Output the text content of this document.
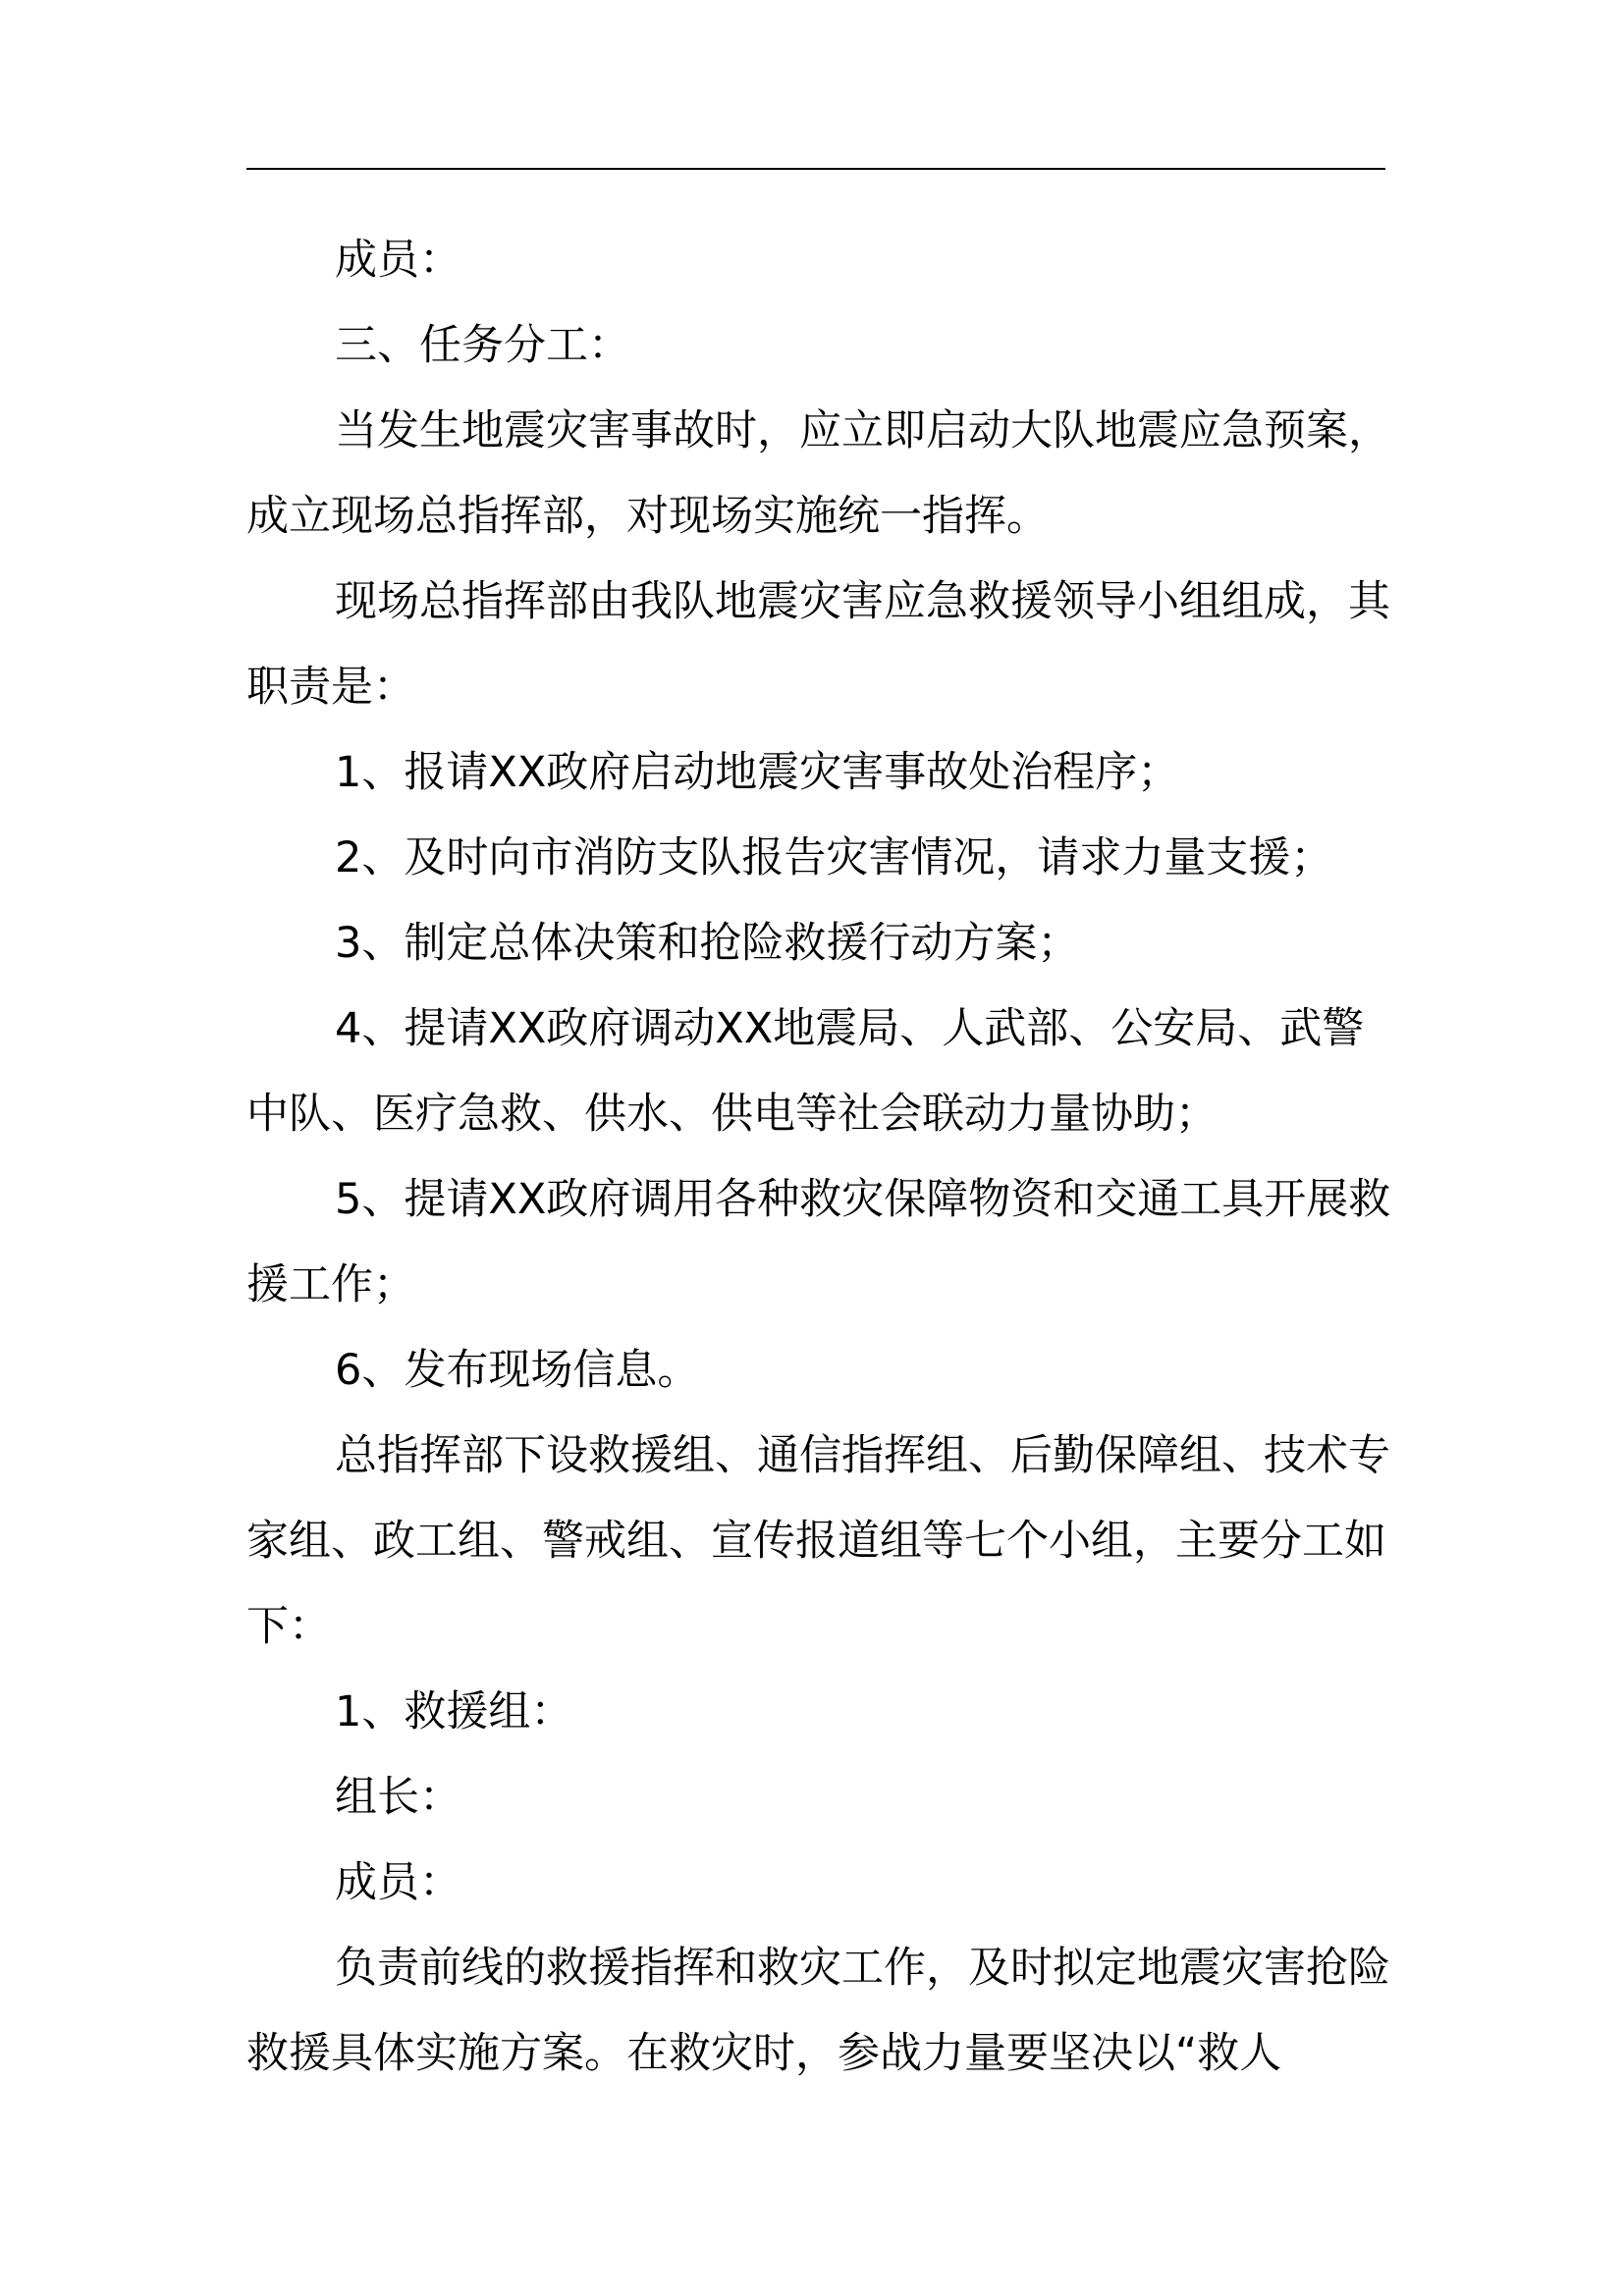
成员：

三、任务分工：

当发生地震灾害事故时，应立即启动大队地震应急预案，成立现场总指挥部，对现场实施统一指挥。

现场总指挥部由我队地震灾害应急救援领导小组组成，其职责是：

1、报请XX政府启动地震灾害事故处治程序；

2、及时向市消防支队报告灾害情况，请求力量支援；

3、制定总体决策和抢险救援行动方案；

4、提请XX政府调动XX地震局、人武部、公安局、武警中队、医疗急救、供水、供电等社会联动力量协助；

5、提请XX政府调用各种救灾保障物资和交通工具开展救援工作；

6、发布现场信息。

总指挥部下设救援组、通信指挥组、后勤保障组、技术专家组、政工组、警戒组、宣传报道组等七个小组，主要分工如下：

1、救援组：

组长：

成员：

负责前线的救援指挥和救灾工作，及时拟定地震灾害抢险救援具体实施方案。在救灾时，参战力量要坚决以“救人
